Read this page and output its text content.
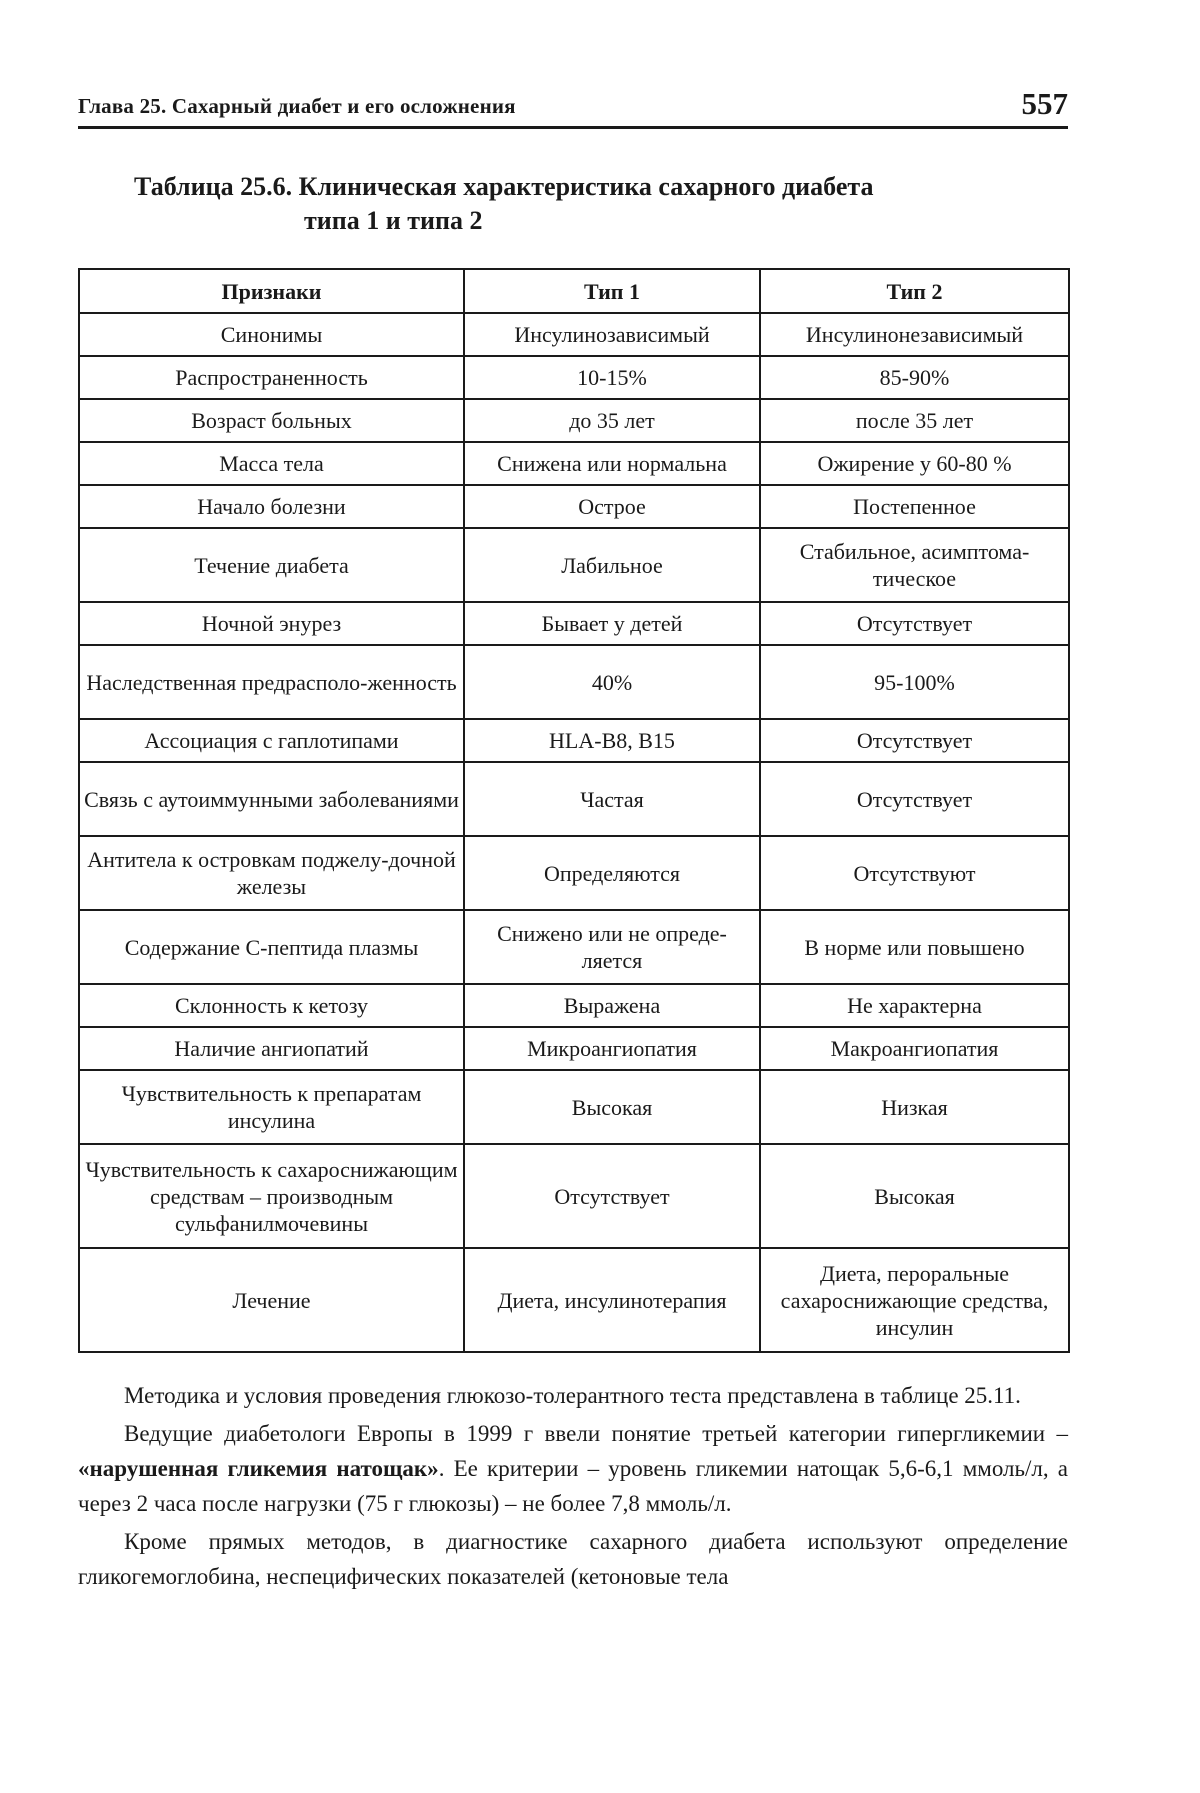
Глава 25. Сахарный диабет и его осложнения	557
Таблица 25.6. Клиническая характеристика сахарного диабета
типа 1 и типа 2
Признаки	Тип 1	Тип 2
Синонимы	Инсулинозависимый	Инсулинонезависимый
Распространенность	10-15%	85-90%
Возраст больных	до 35 лет	после 35 лет
Масса тела	Снижена или нормальна	Ожирение у 60-80 %
Начало болезни	Острое	Постепенное
Течение диабета	Лабильное	Стабильное, асимптома-тическое
Ночной энурез	Бывает у детей	Отсутствует
Наследственная предрасполо-женность	40%	95-100%
Ассоциация с гаплотипами	HLA-B8, B15	Отсутствует
Связь с аутоиммунными заболеваниями	Частая	Отсутствует
Антитела к островкам поджелу-дочной железы	Определяются	Отсутствуют
Содержание С-пептида плазмы	Снижено или не опреде-ляется	В норме или повышено
Склонность к кетозу	Выражена	Не характерна
Наличие ангиопатий	Микроангиопатия	Макроангиопатия
Чувствительность к препаратам инсулина	Высокая	Низкая
Чувствительность к сахароснижающим средствам – производным сульфанилмочевины	Отсутствует	Высокая
Лечение	Диета, инсулинотерапия	Диета, пероральные сахароснижающие средства, инсулин

Методика и условия проведения глюкозо-толерантного теста представлена в таблице 25.11.

Ведущие диабетологи Европы в 1999 г ввели понятие третьей категории гипергликемии – «нарушенная гликемия натощак». Ее критерии – уровень гликемии натощак 5,6-6,1 ммоль/л, а через 2 часа после нагрузки (75 г глюкозы) – не более 7,8 ммоль/л.

Кроме прямых методов, в диагностике сахарного диабета используют определение гликогемоглобина, неспецифических показателей (кетоновые тела
